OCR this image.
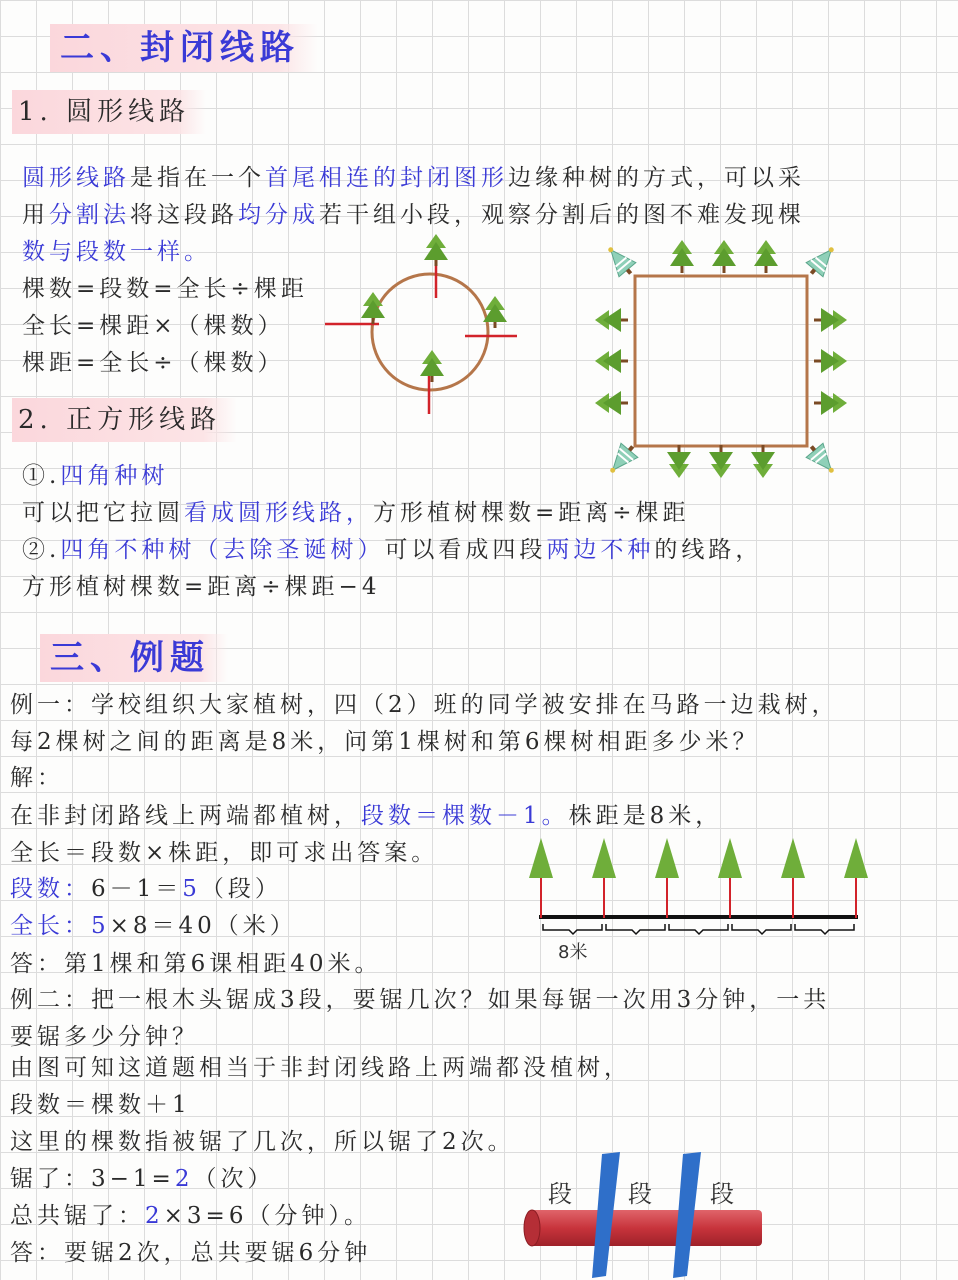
二、封闭线路
1. 圆形线路
圆形线路是指在一个首尾相连的封闭图形边缘种树的方式，可以采
用分割法将这段路均分成若干组小段，观察分割后的图不难发现棵
数与段数一样。
棵数=段数=全长÷棵距
全长=棵距×（棵数）
棵距=全长÷（棵数）
2. 正方形线路
①.四角种树
可以把它拉圆看成圆形线路，方形植树棵数=距离÷棵距
②.四角不种树（去除圣诞树）可以看成四段两边不种的线路，
方形植树棵数=距离÷棵距−4
三、例题
例一：学校组织大家植树，四（2）班的同学被安排在马路一边栽树，
每2棵树之间的距离是8米，问第1棵树和第6棵树相距多少米？
解：
在非封闭路线上两端都植树，段数＝棵数－1。株距是8米，
全长＝段数×株距，即可求出答案。
段数：6－1＝5（段）
全长：5×8＝40（米）
答：第1棵和第6课相距40米。	8米
例二：把一根木头锯成3段，要锯几次？如果每锯一次用3分钟，一共
要锯多少分钟？
由图可知这道题相当于非封闭线路上两端都没植树，
段数＝棵数＋1
这里的棵数指被锯了几次，所以锯了2次。
锯了：3−1=2（次）
总共锯了：2×3=6（分钟）。
答：要锯2次，总共要锯6分钟
段 段 段
